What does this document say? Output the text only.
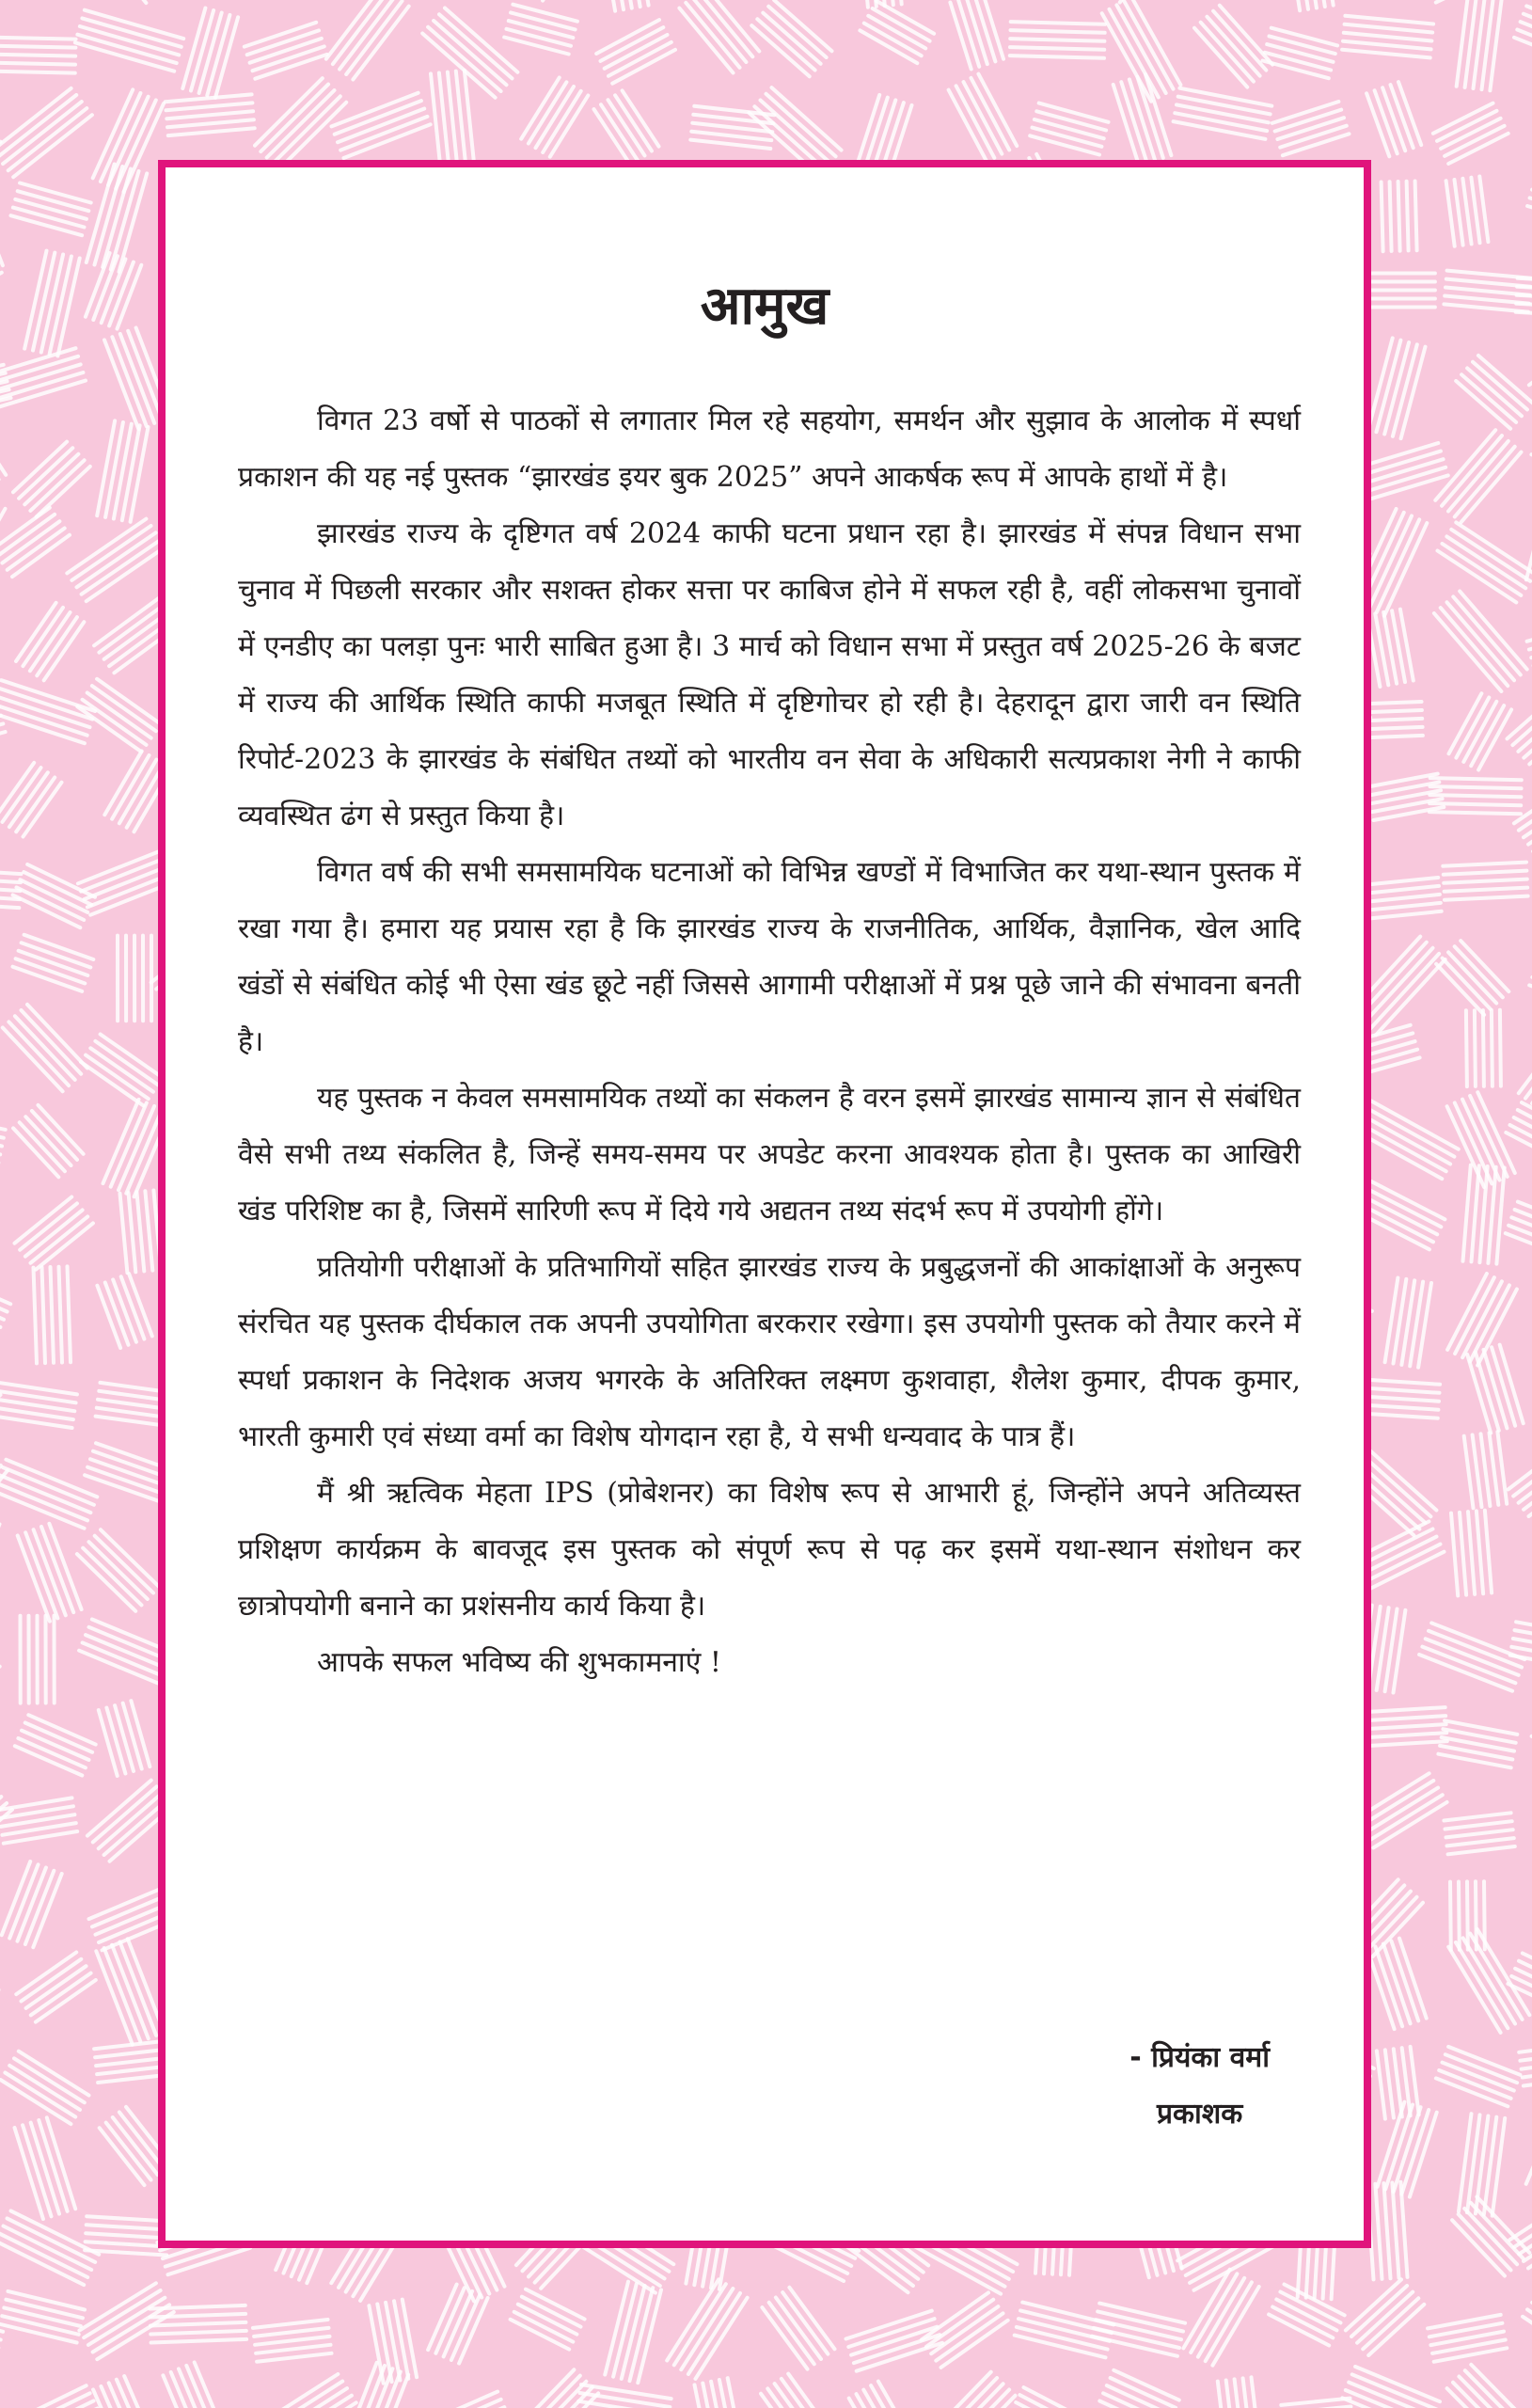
आमुख

विगत 23 वर्षो से पाठकों से लगातार मिल रहे सहयोग, समर्थन और सुझाव के आलोक में स्पर्धा प्रकाशन की यह नई पुस्तक “झारखंड इयर बुक 2025” अपने आकर्षक रूप में आपके हाथों में है।

झारखंड राज्य के दृष्टिगत वर्ष 2024 काफी घटना प्रधान रहा है। झारखंड में संपन्न विधान सभा चुनाव में पिछली सरकार और सशक्त होकर सत्ता पर काबिज होने में सफल रही है, वहीं लोकसभा चुनावों में एनडीए का पलड़ा पुनः भारी साबित हुआ है। 3 मार्च को विधान सभा में प्रस्तुत वर्ष 2025-26 के बजट में राज्य की आर्थिक स्थिति काफी मजबूत स्थिति में दृष्टिगोचर हो रही है। देहरादून द्वारा जारी वन स्थिति रिपोर्ट-2023 के झारखंड के संबंधित तथ्यों को भारतीय वन सेवा के अधिकारी सत्यप्रकाश नेगी ने काफी व्यवस्थित ढंग से प्रस्तुत किया है।

विगत वर्ष की सभी समसामयिक घटनाओं को विभिन्न खण्डों में विभाजित कर यथा-स्थान पुस्तक में रखा गया है। हमारा यह प्रयास रहा है कि झारखंड राज्य के राजनीतिक, आर्थिक, वैज्ञानिक, खेल आदि खंडों से संबंधित कोई भी ऐसा खंड छूटे नहीं जिससे आगामी परीक्षाओं में प्रश्न पूछे जाने की संभावना बनती है।

यह पुस्तक न केवल समसामयिक तथ्यों का संकलन है वरन इसमें झारखंड सामान्य ज्ञान से संबंधित वैसे सभी तथ्य संकलित है, जिन्हें समय-समय पर अपडेट करना आवश्यक होता है। पुस्तक का आखिरी खंड परिशिष्ट का है, जिसमें सारिणी रूप में दिये गये अद्यतन तथ्य संदर्भ रूप में उपयोगी होंगे।

प्रतियोगी परीक्षाओं के प्रतिभागियों सहित झारखंड राज्य के प्रबुद्धजनों की आकांक्षाओं के अनुरूप संरचित यह पुस्तक दीर्घकाल तक अपनी उपयोगिता बरकरार रखेगा। इस उपयोगी पुस्तक को तैयार करने में स्पर्धा प्रकाशन के निदेशक अजय भगरके के अतिरिक्त लक्ष्मण कुशवाहा, शैलेश कुमार, दीपक कुमार, भारती कुमारी एवं संध्या वर्मा का विशेष योगदान रहा है, ये सभी धन्यवाद के पात्र हैं।

मैं श्री ऋत्विक मेहता IPS (प्रोबेशनर) का विशेष रूप से आभारी हूं, जिन्होंने अपने अतिव्यस्त प्रशिक्षण कार्यक्रम के बावजूद इस पुस्तक को संपूर्ण रूप से पढ़ कर इसमें यथा-स्थान संशोधन कर छात्रोपयोगी बनाने का प्रशंसनीय कार्य किया है।

आपके सफल भविष्य की शुभकामनाएं !

- प्रियंका वर्मा
प्रकाशक
